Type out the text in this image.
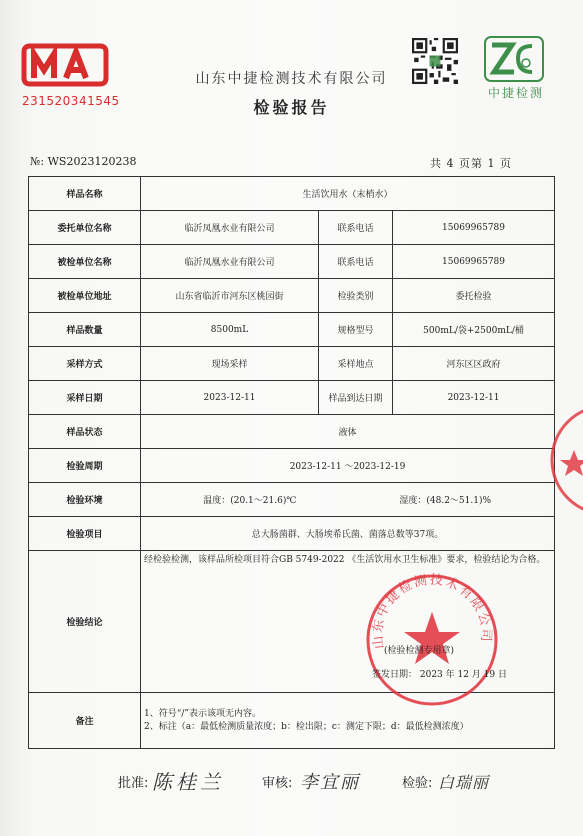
231520341545
山东中捷检测技术有限公司
检验报告
中捷检测
№: WS2023120238	共 4 页第 1 页
样品名称	生活饮用水（末梢水）		
委托单位名称	临沂凤凰水业有限公司	联系电话	15069965789
被检单位名称	临沂凤凰水业有限公司	联系电话	15069965789
被检单位地址	山东省临沂市河东区桃园街	检验类别	委托检验
样品数量	8500mL	规格型号	500mL/袋+2500mL/桶
采样方式	现场采样	采样地点	河东区区政府
采样日期	2023-12-11	样品到达日期	2023-12-11
样品状态	液体		
检验周期	2023-12-11 ～2023-12-19		
检验环境	温度：(20.1～21.6)℃ 湿度：(48.2～51.1)%		
检验项目	总大肠菌群、大肠埃希氏菌、菌落总数等37项。		
检验结论	经检验检测，该样品所检项目符合GB 5749-2022 《生活饮用水卫生标准》要求，检验结论为合格。		
备注	1、符号“/”表示该项无内容。
2、标注（a：最低检测质量浓度；b：检出限；c：测定下限；d：最低检测浓度）		
山东中捷检测技术有限公司
(检验检测专用章)
签发日期： 2023 年 12 月 19 日
批准: 陈桂兰	审核: 李宜丽	检验: 白瑞丽
